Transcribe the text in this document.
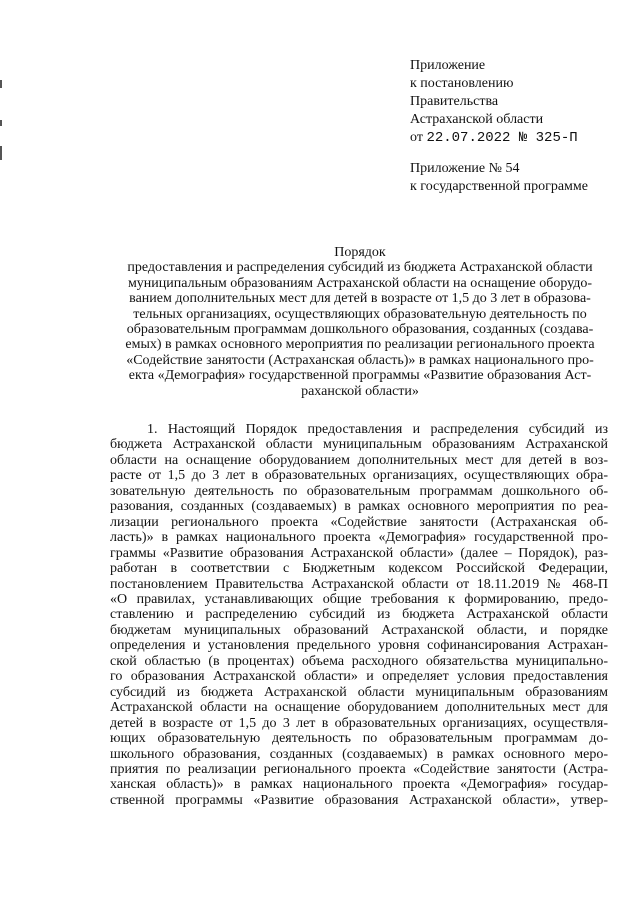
Приложение
к постановлению
Правительства
Астраханской области
от 22.07.2022 № 325-П
Приложение № 54
к государственной программе
Порядок
предоставления и распределения субсидий из бюджета Астраханской области
муниципальным образованиям Астраханской области на оснащение оборудо-
ванием дополнительных мест для детей в возрасте от 1,5 до 3 лет в образова-
тельных организациях, осуществляющих образовательную деятельность по
образовательным программам дошкольного образования, созданных (создава-
емых) в рамках основного мероприятия по реализации регионального проекта
«Содействие занятости (Астраханская область)» в рамках национального про-
екта «Демография» государственной программы «Развитие образования Аст-
раханской области»
1. Настоящий Порядок предоставления и распределения субсидий из
бюджета Астраханской области муниципальным образованиям Астраханской
области на оснащение оборудованием дополнительных мест для детей в воз-
расте от 1,5 до 3 лет в образовательных организациях, осуществляющих обра-
зовательную деятельность по образовательным программам дошкольного об-
разования, созданных (создаваемых) в рамках основного мероприятия по реа-
лизации регионального проекта «Содействие занятости (Астраханская об-
ласть)» в рамках национального проекта «Демография» государственной про-
граммы «Развитие образования Астраханской области» (далее – Порядок), раз-
работан в соответствии с Бюджетным кодексом Российской Федерации,
постановлением Правительства Астраханской области от 18.11.2019 № 468-П
«О правилах, устанавливающих общие требования к формированию, предо-
ставлению и распределению субсидий из бюджета Астраханской области
бюджетам муниципальных образований Астраханской области, и порядке
определения и установления предельного уровня софинансирования Астрахан-
ской областью (в процентах) объема расходного обязательства муниципально-
го образования Астраханской области» и определяет условия предоставления
субсидий из бюджета Астраханской области муниципальным образованиям
Астраханской области на оснащение оборудованием дополнительных мест для
детей в возрасте от 1,5 до 3 лет в образовательных организациях, осуществля-
ющих образовательную деятельность по образовательным программам до-
школьного образования, созданных (создаваемых) в рамках основного меро-
приятия по реализации регионального проекта «Содействие занятости (Астра-
ханская область)» в рамках национального проекта «Демография» государ-
ственной программы «Развитие образования Астраханской области», утвер-
